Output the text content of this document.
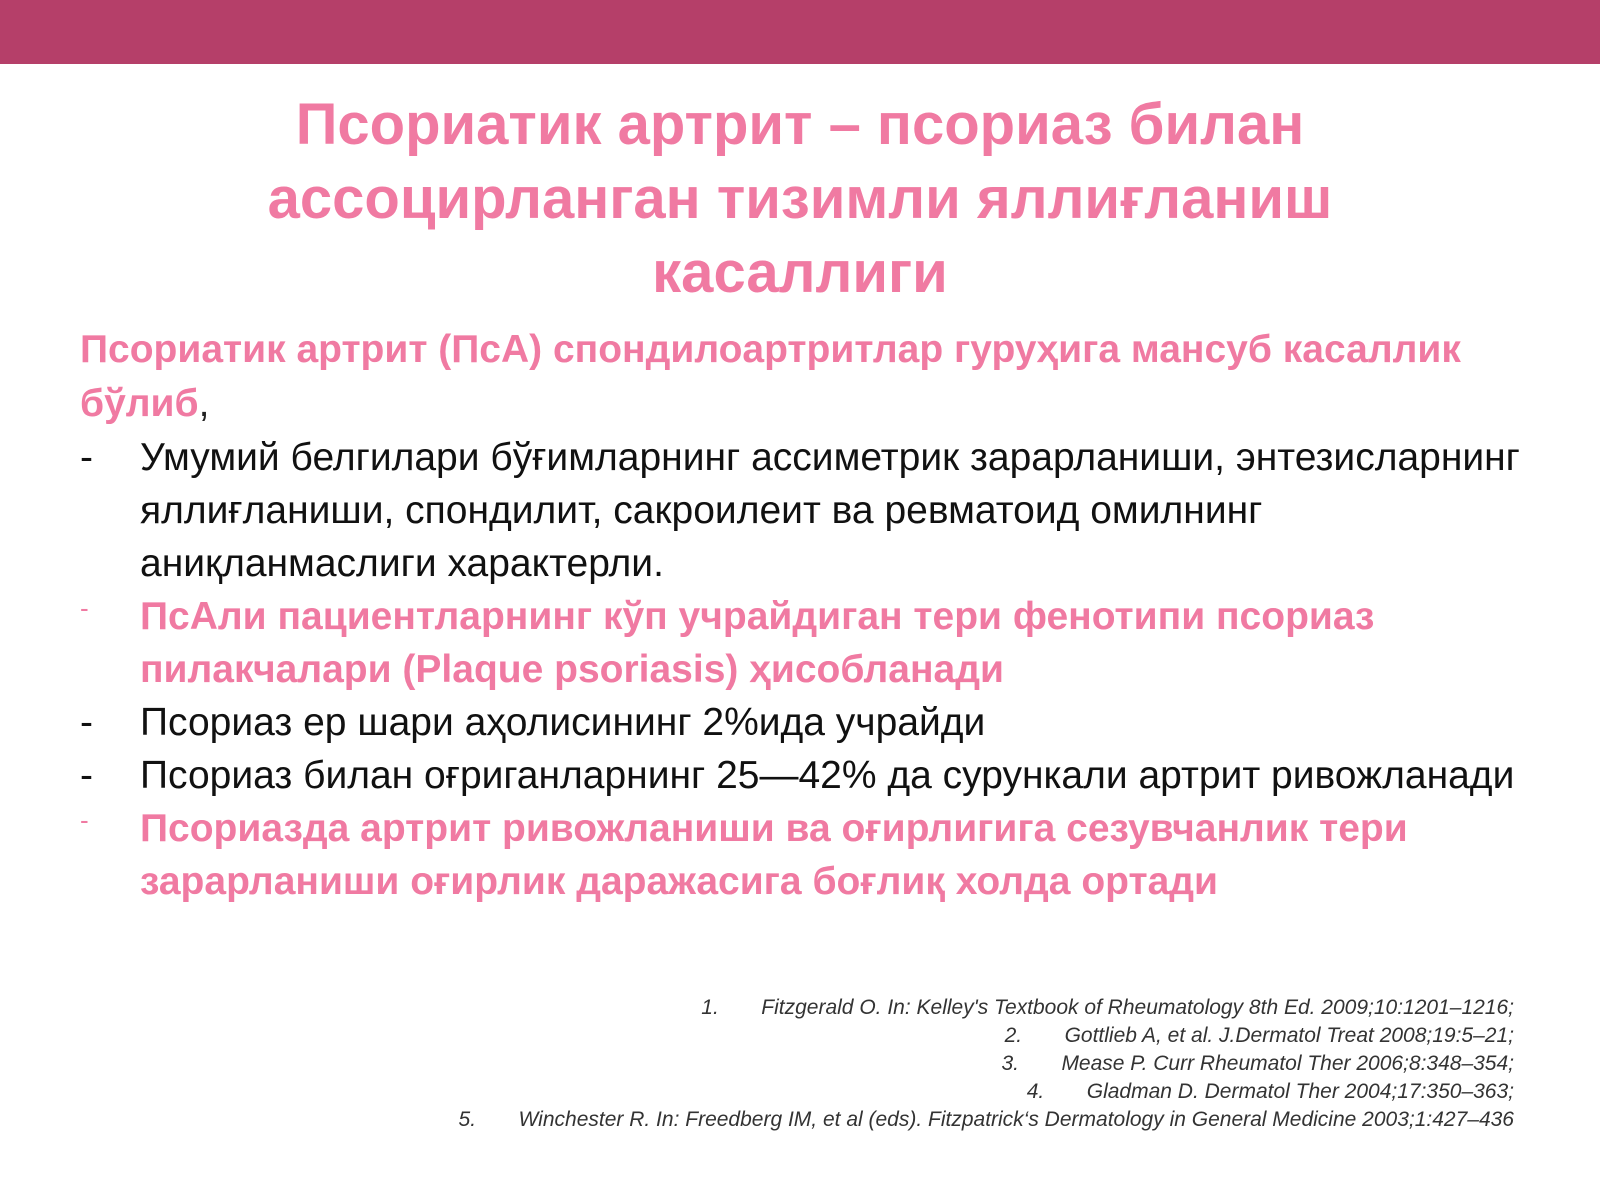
Псориатик артрит – псориаз билан
ассоцирланган тизимли яллиғланиш
касаллиги

Псориатик артрит (ПсА) спондилоартритлар гуруҳига мансуб касаллик бўлиб,

-	Умумий белгилари бўғимларнинг ассиметрик зарарланиши, энтезисларнинг яллиғланиши, спондилит, сакроилеит ва ревматоид омилнинг аниқланмаслиги характерли.
-	ПсАли пациентларнинг кўп учрайдиган тери фенотипи псориаз пилакчалари (Plaque psoriasis) ҳисобланади
-	Псориаз ер шари аҳолисининг 2%ида учрайди
-	Псориаз билан оғриганларнинг 25—42% да сурункали артрит ривожланади
-	Псориазда артрит ривожланиши ва оғирлигига сезувчанлик тери зарарланиши оғирлик даражасига боғлиқ холда ортади
1. Fitzgerald O. In: Kelley's Textbook of Rheumatology 8th Ed. 2009;10:1201–1216;
2. Gottlieb A, et al. J.Dermatol Treat 2008;19:5–21;
3. Mease P. Curr Rheumatol Ther 2006;8:348–354;
4. Gladman D. Dermatol Ther 2004;17:350–363;
5. Winchester R. In: Freedberg IM, et al (eds). Fitzpatrick‘s Dermatology in General Medicine 2003;1:427–436
